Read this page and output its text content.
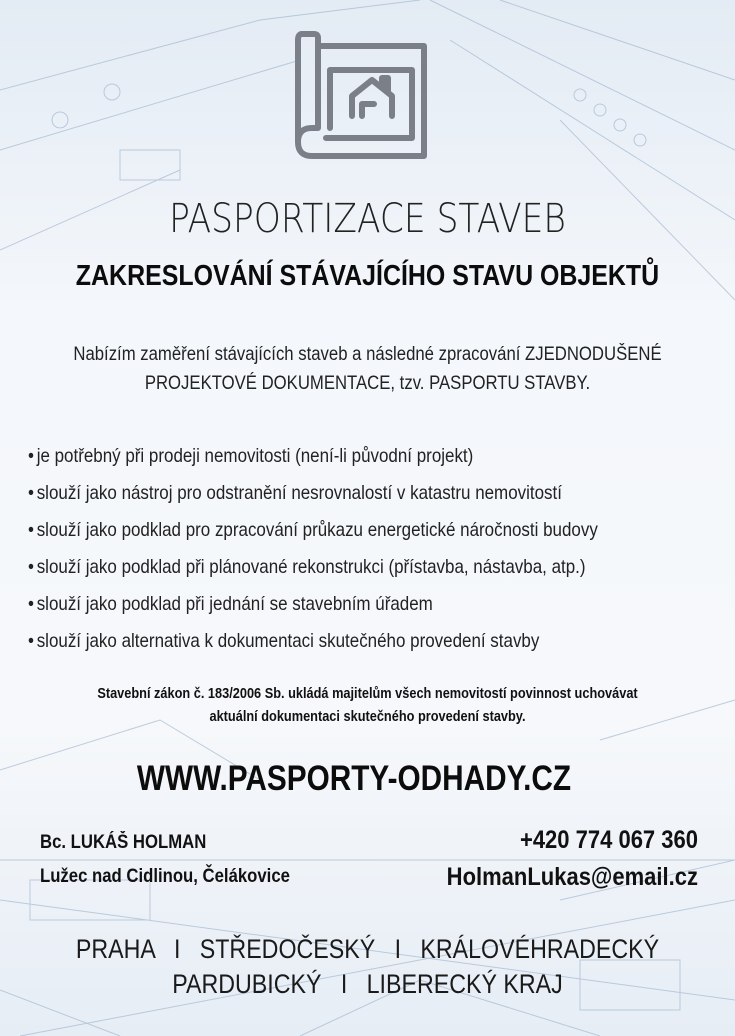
PASPORTIZACE STAVEB
ZAKRESLOVÁNÍ STÁVAJÍCÍHO STAVU OBJEKTŮ
Nabízím zaměření stávajících staveb a následné zpracování ZJEDNODUŠENÉ
PROJEKTOVÉ DOKUMENTACE, tzv. PASPORTU STAVBY.
• je potřebný při prodeji nemovitosti (není-li původní projekt)
• slouží jako nástroj pro odstranění nesrovnalostí v katastru nemovitostí
• slouží jako podklad pro zpracování průkazu energetické náročnosti budovy
• slouží jako podklad při plánované rekonstrukci (přístavba, nástavba, atp.)
• slouží jako podklad při jednání se stavebním úřadem
• slouží jako alternativa k dokumentaci skutečného provedení stavby
Stavební zákon č. 183/2006 Sb. ukládá majitelům všech nemovitostí povinnost uchovávat
aktuální dokumentaci skutečného provedení stavby.
WWW.PASPORTY-ODHADY.CZ
Bc. LUKÁŠ HOLMAN
Lužec nad Cidlinou, Čelákovice
+420 774 067 360
HolmanLukas@email.cz
PRAHA   I   STŘEDOČESKÝ   I   KRÁLOVÉHRADECKÝ
PARDUBICKÝ   I   LIBERECKÝ KRAJ
